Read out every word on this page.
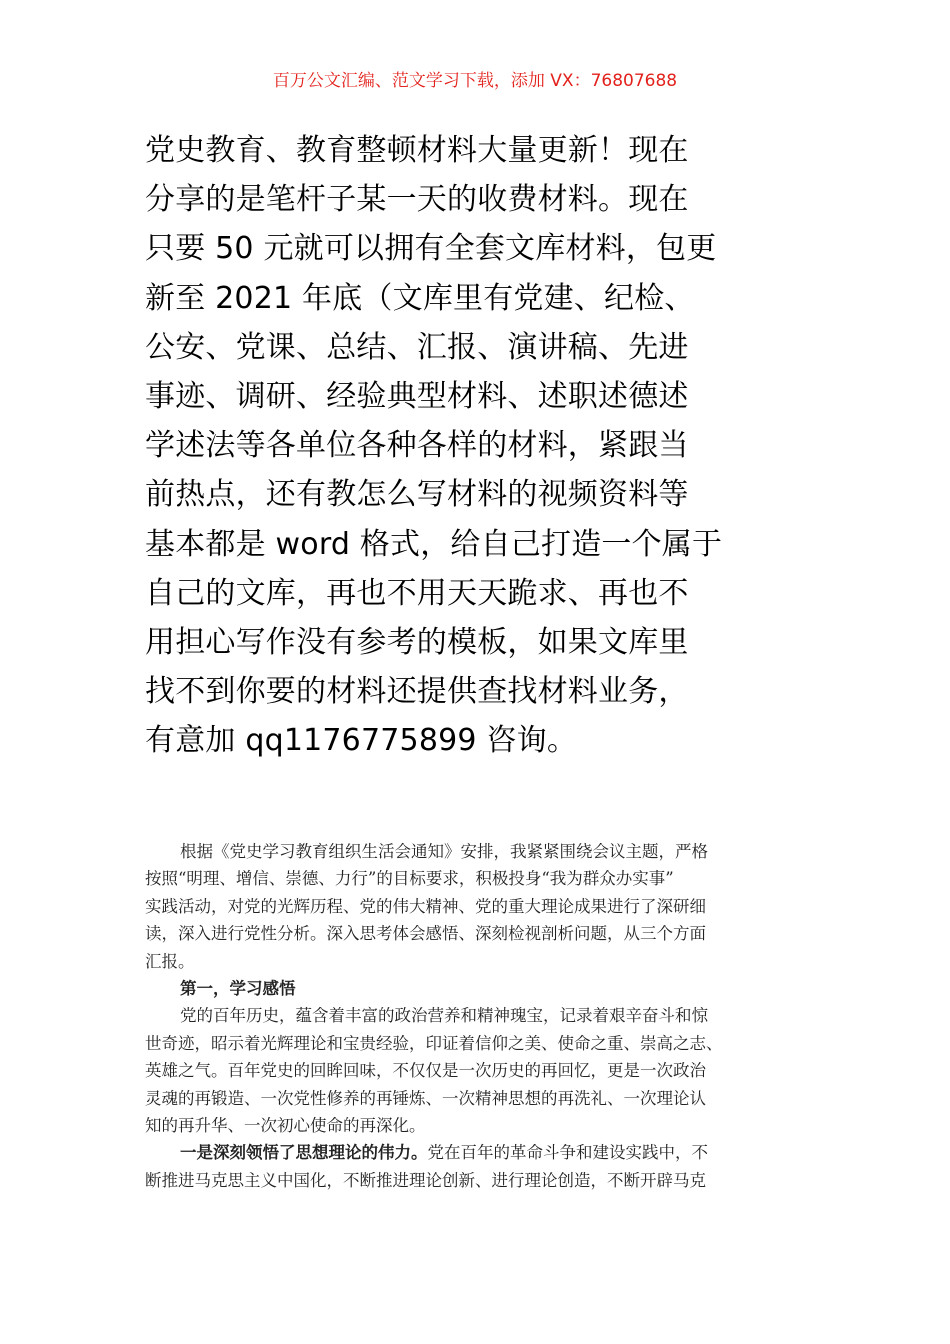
百万公文汇编、范文学习下载，添加 VX：76807688
党史教育、教育整顿材料大量更新！现在
分享的是笔杆子某一天的收费材料。现在
只要 50 元就可以拥有全套文库材料，包更
新至 2021 年底（文库里有党建、纪检、
公安、党课、总结、汇报、演讲稿、先进
事迹、调研、经验典型材料、述职述德述
学述法等各单位各种各样的材料，紧跟当
前热点，还有教怎么写材料的视频资料等
基本都是 word 格式，给自己打造一个属于
自己的文库，再也不用天天跪求、再也不
用担心写作没有参考的模板，如果文库里
找不到你要的材料还提供查找材料业务，
有意加 qq1176775899 咨询。
根据《党史学习教育组织生活会通知》安排，我紧紧围绕会议主题，严格
按照“明理、增信、崇德、力行”的目标要求，积极投身“我为群众办实事”
实践活动，对党的光辉历程、党的伟大精神、党的重大理论成果进行了深研细
读，深入进行党性分析。深入思考体会感悟、深刻检视剖析问题，从三个方面
汇报。
第一，学习感悟
党的百年历史，蕴含着丰富的政治营养和精神瑰宝，记录着艰辛奋斗和惊
世奇迹，昭示着光辉理论和宝贵经验，印证着信仰之美、使命之重、崇高之志、
英雄之气。百年党史的回眸回味，不仅仅是一次历史的再回忆，更是一次政治
灵魂的再锻造、一次党性修养的再锤炼、一次精神思想的再洗礼、一次理论认
知的再升华、一次初心使命的再深化。
一是深刻领悟了思想理论的伟力。党在百年的革命斗争和建设实践中，不
断推进马克思主义中国化，不断推进理论创新、进行理论创造，不断开辟马克
